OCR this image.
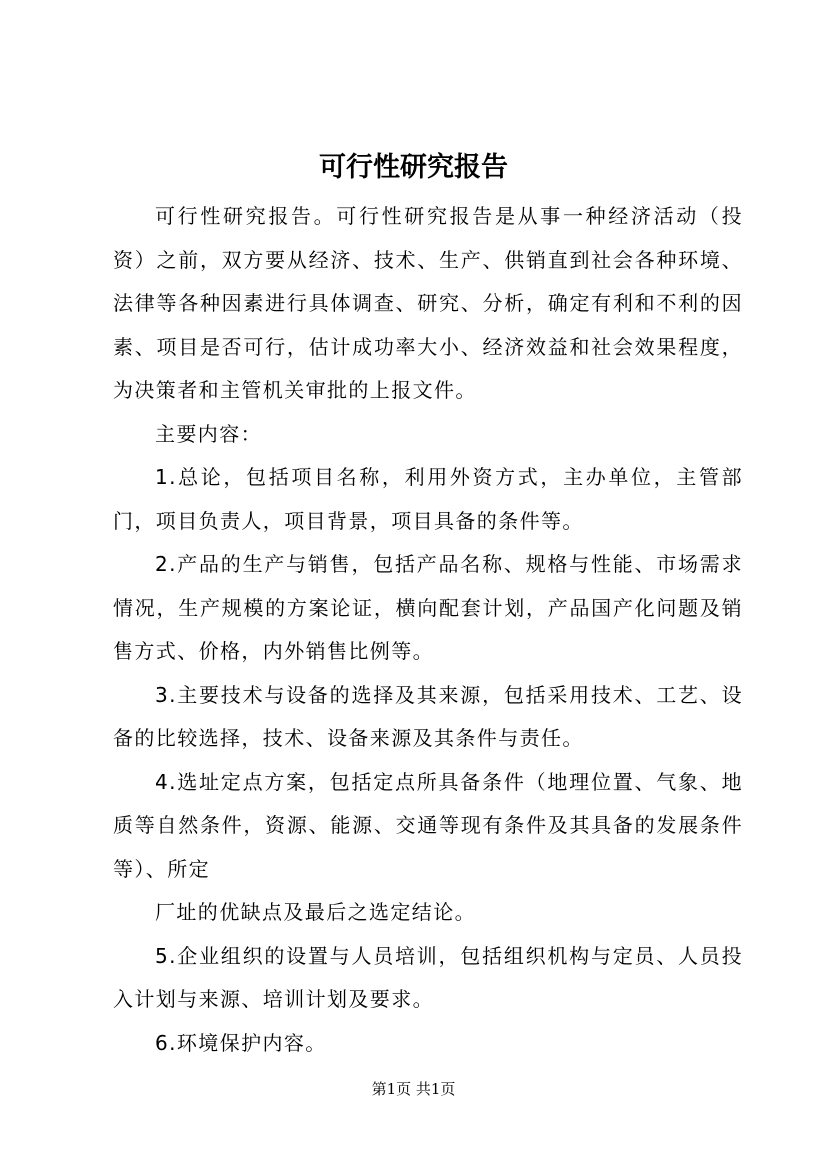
可行性研究报告

可行性研究报告。可行性研究报告是从事一种经济活动（投资）之前，双方要从经济、技术、生产、供销直到社会各种环境、法律等各种因素进行具体调查、研究、分析，确定有利和不利的因素、项目是否可行，估计成功率大小、经济效益和社会效果程度，为决策者和主管机关审批的上报文件。

主要内容：

1.总论，包括项目名称，利用外资方式，主办单位，主管部门，项目负责人，项目背景，项目具备的条件等。

2.产品的生产与销售，包括产品名称、规格与性能、市场需求情况，生产规模的方案论证，横向配套计划，产品国产化问题及销售方式、价格，内外销售比例等。

3.主要技术与设备的选择及其来源，包括采用技术、工艺、设备的比较选择，技术、设备来源及其条件与责任。

4.选址定点方案，包括定点所具备条件（地理位置、气象、地质等自然条件，资源、能源、交通等现有条件及其具备的发展条件等）、所定

厂址的优缺点及最后之选定结论。

5.企业组织的设置与人员培训，包括组织机构与定员、人员投入计划与来源、培训计划及要求。

6.环境保护内容。

第1页 共1页
